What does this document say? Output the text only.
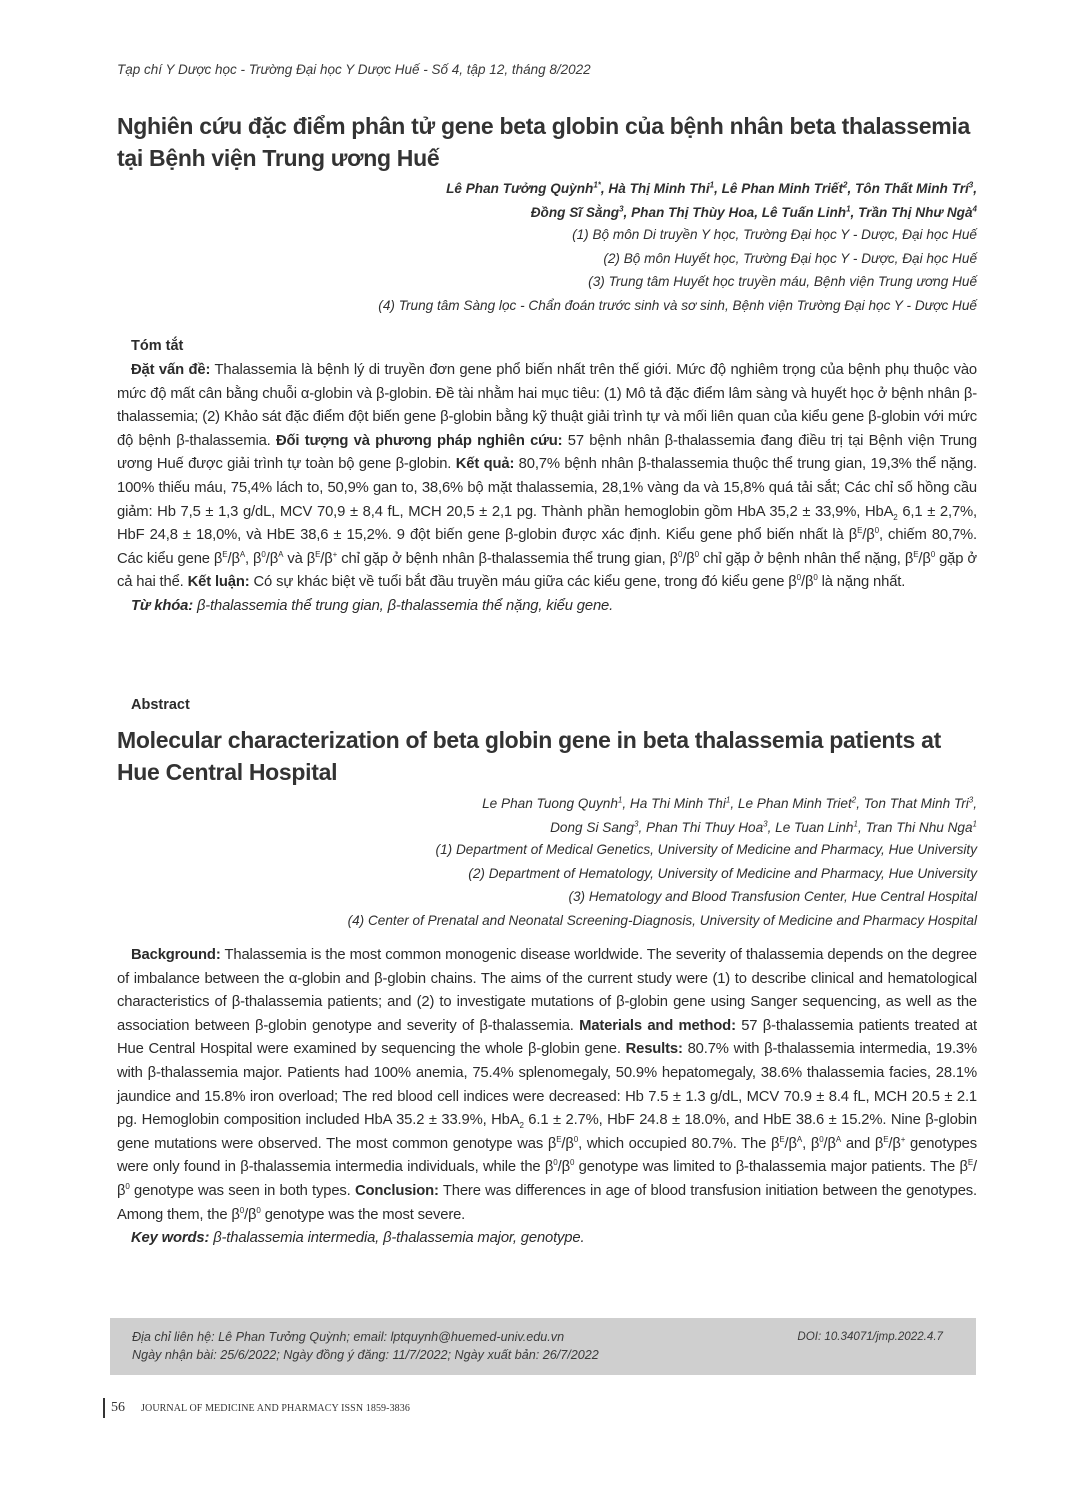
Tạp chí Y Dược học - Trường Đại học Y Dược Huế - Số 4, tập 12, tháng 8/2022
Nghiên cứu đặc điểm phân tử gene beta globin của bệnh nhân beta thalassemia tại Bệnh viện Trung ương Huế
Lê Phan Tưởng Quỳnh$^{1*}$, Hà Thị Minh Thi$^1$, Lê Phan Minh Triết$^2$, Tôn Thất Minh Trí$^3$,
Đồng Sĩ Sằng$^3$, Phan Thị Thùy Hoa, Lê Tuấn Linh$^1$, Trần Thị Như Ngà$^4$
(1) Bộ môn Di truyền Y học, Trường Đại học Y - Dược, Đại học Huế
(2) Bộ môn Huyết học, Trường Đại học Y - Dược, Đại học Huế
(3) Trung tâm Huyết học truyền máu, Bệnh viện Trung ương Huế
(4) Trung tâm Sàng lọc - Chẩn đoán trước sinh và sơ sinh, Bệnh viện Trường Đại học Y - Dược Huế
Tóm tắt

Đặt vấn đề: Thalassemia là bệnh lý di truyền đơn gene phổ biến nhất trên thế giới. Mức độ nghiêm trọng của bệnh phụ thuộc vào mức độ mất cân bằng chuỗi α-globin và β-globin. Đề tài nhằm hai mục tiêu: (1) Mô tả đặc điểm lâm sàng và huyết học ở bệnh nhân β-thalassemia; (2) Khảo sát đặc điểm đột biến gene β-globin bằng kỹ thuật giải trình tự và mối liên quan của kiểu gene β-globin với mức độ bệnh β-thalassemia. Đối tượng và phương pháp nghiên cứu: 57 bệnh nhân β-thalassemia đang điều trị tại Bệnh viện Trung ương Huế được giải trình tự toàn bộ gene β-globin. Kết quả: 80,7% bệnh nhân β-thalassemia thuộc thể trung gian, 19,3% thể nặng. 100% thiếu máu, 75,4% lách to, 50,9% gan to, 38,6% bộ mặt thalassemia, 28,1% vàng da và 15,8% quá tải sắt; Các chỉ số hồng cầu giảm: Hb 7,5 ± 1,3 g/dL, MCV 70,9 ± 8,4 fL, MCH 20,5 ± 2,1 pg. Thành phần hemoglobin gồm HbA 35,2 ± 33,9%, HbA$_2$ 6,1 ± 2,7%, HbF 24,8 ± 18,0%, và HbE 38,6 ± 15,2%. 9 đột biến gene β-globin được xác định. Kiểu gene phổ biến nhất là $\beta^E/\beta^0$, chiếm 80,7%. Các kiểu gene $\beta^E/\beta^A$, $\beta^0/\beta^A$ và $\beta^E/\beta^+$ chỉ gặp ở bệnh nhân β-thalassemia thể trung gian, $\beta^0/\beta^0$ chỉ gặp ở bệnh nhân thể nặng, $\beta^E/\beta^0$ gặp ở cả hai thể. Kết luận: Có sự khác biệt về tuổi bắt đầu truyền máu giữa các kiểu gene, trong đó kiểu gene $\beta^0/\beta^0$ là nặng nhất.

Từ khóa: β-thalassemia thể trung gian, β-thalassemia thể nặng, kiểu gene.

Abstract
Molecular characterization of beta globin gene in beta thalassemia patients at Hue Central Hospital
Le Phan Tuong Quynh$^1$, Ha Thi Minh Thi$^1$, Le Phan Minh Triet$^2$, Ton That Minh Tri$^3$,
Dong Si Sang$^3$, Phan Thi Thuy Hoa$^3$, Le Tuan Linh$^1$, Tran Thi Nhu Nga$^1$
(1) Department of Medical Genetics, University of Medicine and Pharmacy, Hue University
(2) Department of Hematology, University of Medicine and Pharmacy, Hue University
(3) Hematology and Blood Transfusion Center, Hue Central Hospital
(4) Center of Prenatal and Neonatal Screening-Diagnosis, University of Medicine and Pharmacy Hospital

Background: Thalassemia is the most common monogenic disease worldwide. The severity of thalassemia depends on the degree of imbalance between the α-globin and β-globin chains. The aims of the current study were (1) to describe clinical and hematological characteristics of β-thalassemia patients; and (2) to investigate mutations of β-globin gene using Sanger sequencing, as well as the association between β-globin genotype and severity of β-thalassemia. Materials and method: 57 β-thalassemia patients treated at Hue Central Hospital were examined by sequencing the whole β-globin gene. Results: 80.7% with β-thalassemia intermedia, 19.3% with β-thalassemia major. Patients had 100% anemia, 75.4% splenomegaly, 50.9% hepatomegaly, 38.6% thalassemia facies, 28.1% jaundice and 15.8% iron overload; The red blood cell indices were decreased: Hb 7.5 ± 1.3 g/dL, MCV 70.9 ± 8.4 fL, MCH 20.5 ± 2.1 pg. Hemoglobin composition included HbA 35.2 ± 33.9%, HbA$_2$ 6.1 ± 2.7%, HbF 24.8 ± 18.0%, and HbE 38.6 ± 15.2%. Nine β-globin gene mutations were observed. The most common genotype was $\beta^E/\beta^0$, which occupied 80.7%. The $\beta^E/\beta^A$, $\beta^0/\beta^A$ and $\beta^E/\beta^+$ genotypes were only found in β-thalassemia intermedia individuals, while the $\beta^0/\beta^0$ genotype was limited to β-thalassemia major patients. The $\beta^E/\beta^0$ genotype was seen in both types. Conclusion: There was differences in age of blood transfusion initiation between the genotypes. Among them, the $\beta^0/\beta^0$ genotype was the most severe.

Key words: β-thalassemia intermedia, β-thalassemia major, genotype.

Địa chỉ liên hệ: Lê Phan Tưởng Quỳnh; email: lptquynh@huemed-univ.edu.vn
Ngày nhận bài: 25/6/2022; Ngày đồng ý đăng: 11/7/2022; Ngày xuất bản: 26/7/2022
DOI: 10.34071/jmp.2022.4.7
56 JOURNAL OF MEDICINE AND PHARMACY ISSN 1859-3836
